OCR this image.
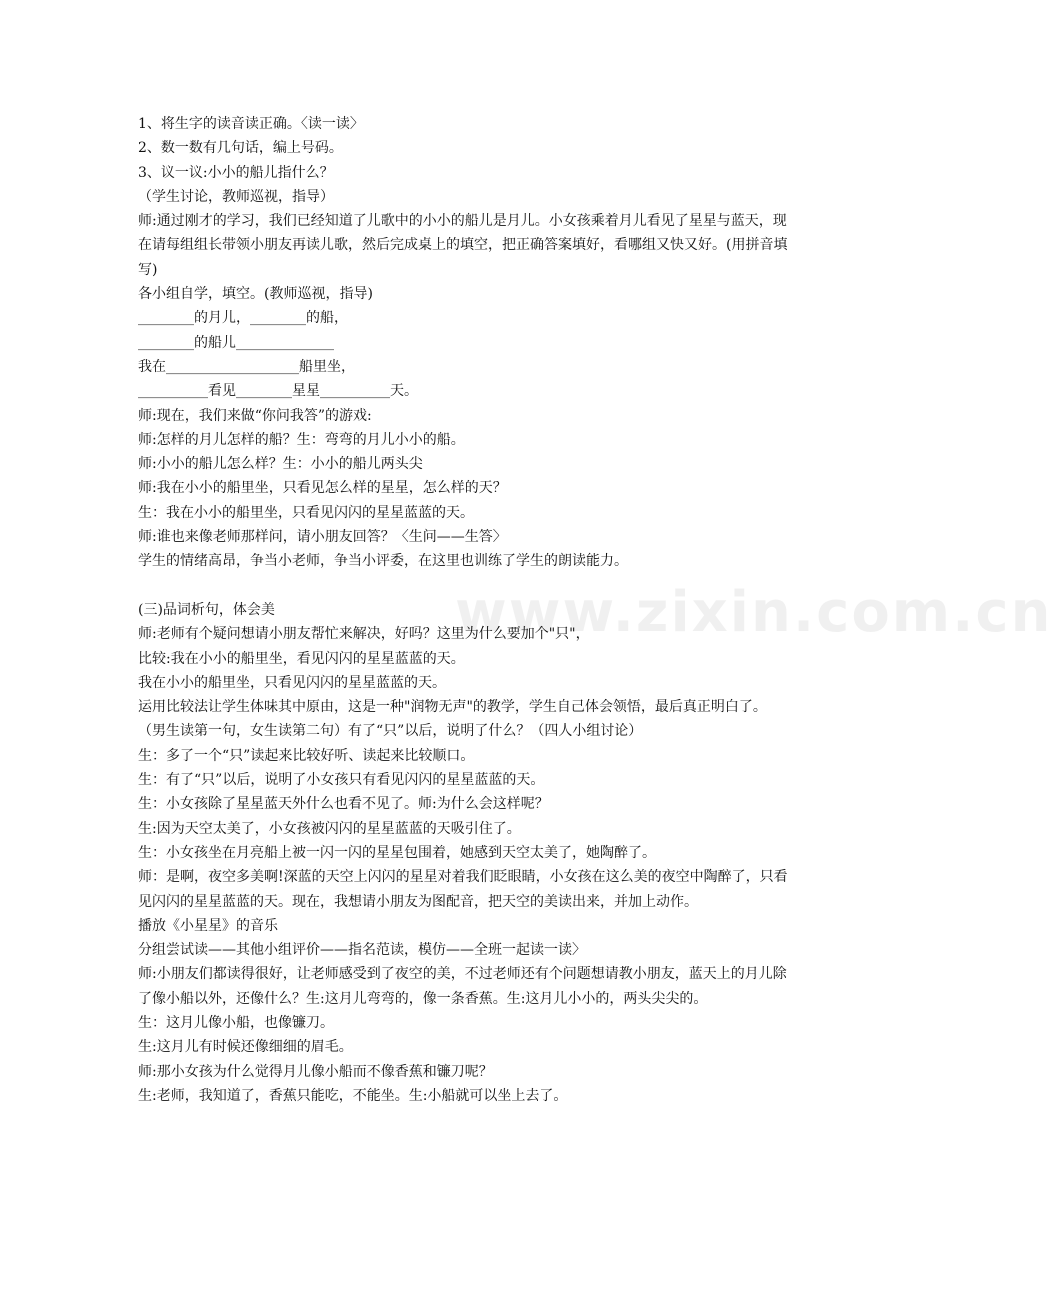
www.zixin.com.cn
1、将生字的读音读正确。〈读一读〉
2、数一数有几句话，编上号码。
3、议一议:小小的船儿指什么？
（学生讨论，教师巡视，指导）
师:通过刚才的学习，我们已经知道了儿歌中的小小的船儿是月儿。小女孩乘着月儿看见了星星与蓝天，现在请每组组长带领小朋友再读儿歌，然后完成桌上的填空，把正确答案填好，看哪组又快又好。(用拼音填写)
各小组自学，填空。(教师巡视，指导)
________的月儿，________的船，
________的船儿______________
我在___________________船里坐，
__________看见________星星__________天。
师:现在，我们来做“你问我答”的游戏:
师:怎样的月儿怎样的船？生：弯弯的月儿小小的船。
师:小小的船儿怎么样？生：小小的船儿两头尖
师:我在小小的船里坐，只看见怎么样的星星，怎么样的天？
生：我在小小的船里坐，只看见闪闪的星星蓝蓝的天。
师:谁也来像老师那样问，请小朋友回答？〈生问——生答〉
学生的情绪高昂，争当小老师，争当小评委，在这里也训练了学生的朗读能力。
(三)品词析句，体会美
师:老师有个疑问想请小朋友帮忙来解决，好吗？这里为什么要加个"只"，
比较:我在小小的船里坐，看见闪闪的星星蓝蓝的天。
我在小小的船里坐，只看见闪闪的星星蓝蓝的天。
运用比较法让学生体味其中原由，这是一种"润物无声"的教学，学生自己体会领悟，最后真正明白了。
（男生读第一句，女生读第二句）有了“只”以后，说明了什么？（四人小组讨论）
生：多了一个“只”读起来比较好听、读起来比较顺口。
生：有了“只”以后，说明了小女孩只有看见闪闪的星星蓝蓝的天。
生：小女孩除了星星蓝天外什么也看不见了。师:为什么会这样呢？
生:因为天空太美了，小女孩被闪闪的星星蓝蓝的天吸引住了。
生：小女孩坐在月亮船上被一闪一闪的星星包围着，她感到天空太美了，她陶醉了。
师：是啊，夜空多美啊!深蓝的天空上闪闪的星星对着我们眨眼睛，小女孩在这么美的夜空中陶醉了，只看见闪闪的星星蓝蓝的天。现在，我想请小朋友为图配音，把天空的美读出来，并加上动作。
播放《小星星》的音乐
分组尝试读——其他小组评价——指名范读，模仿——全班一起读一读〉
师:小朋友们都读得很好，让老师感受到了夜空的美，不过老师还有个问题想请教小朋友，蓝天上的月儿除了像小船以外，还像什么？生:这月儿弯弯的，像一条香蕉。生:这月儿小小的，两头尖尖的。
生：这月儿像小船，也像镰刀。
生:这月儿有时候还像细细的眉毛。
师:那小女孩为什么觉得月儿像小船而不像香蕉和镰刀呢？
生:老师，我知道了，香蕉只能吃，不能坐。生:小船就可以坐上去了。
